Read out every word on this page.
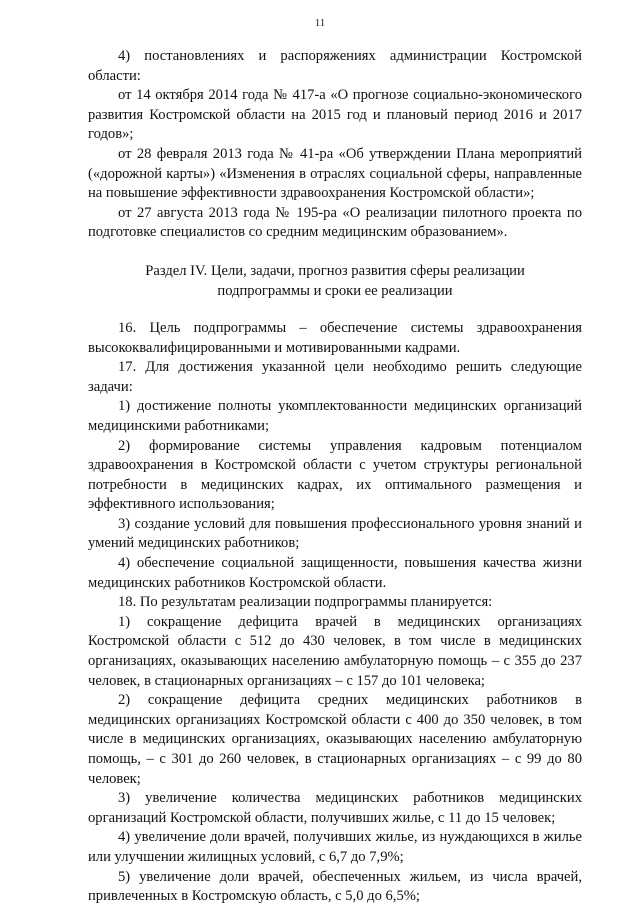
11

4) постановлениях и распоряжениях администрации Костромской области:

от 14 октября 2014 года № 417-а «О прогнозе социально-экономического развития Костромской области на 2015 год и плановый период 2016 и 2017 годов»;

от 28 февраля 2013 года № 41-ра «Об утверждении Плана мероприятий («дорожной карты») «Изменения в отраслях социальной сферы, направленные на повышение эффективности здравоохранения Костромской области»;

от 27 августа 2013 года № 195-ра «О реализации пилотного проекта по подготовке специалистов со средним медицинским образованием».

Раздел IV. Цели, задачи, прогноз развития сферы реализации
подпрограммы и сроки ее реализации

16. Цель подпрограммы – обеспечение системы здравоохранения высококвалифицированными и мотивированными кадрами.

17. Для достижения указанной цели необходимо решить следующие задачи:

1) достижение полноты укомплектованности медицинских организаций медицинскими работниками;

2) формирование системы управления кадровым потенциалом здравоохранения в Костромской области с учетом структуры региональной потребности в медицинских кадрах, их оптимального размещения и эффективного использования;

3) создание условий для повышения профессионального уровня знаний и умений медицинских работников;

4) обеспечение социальной защищенности, повышения качества жизни медицинских работников Костромской области.

18. По результатам реализации подпрограммы планируется:

1) сокращение дефицита врачей в медицинских организациях Костромской области с 512 до 430 человек, в том числе в медицинских организациях, оказывающих населению амбулаторную помощь – с 355 до 237 человек, в стационарных организациях – с 157 до 101 человека;

2) сокращение дефицита средних медицинских работников в медицинских организациях Костромской области с 400 до 350 человек, в том числе в медицинских организациях, оказывающих населению амбулаторную помощь, – с 301 до 260 человек, в стационарных организациях – с 99 до 80 человек;

3) увеличение количества медицинских работников медицинских организаций Костромской области, получивших жилье, с 11 до 15 человек;

4) увеличение доли врачей, получивших жилье, из нуждающихся в жилье или улучшении жилищных условий, с 6,7 до 7,9%;

5) увеличение доли врачей, обеспеченных жильем, из числа врачей, привлеченных в Костромскую область, с 5,0 до 6,5%;
